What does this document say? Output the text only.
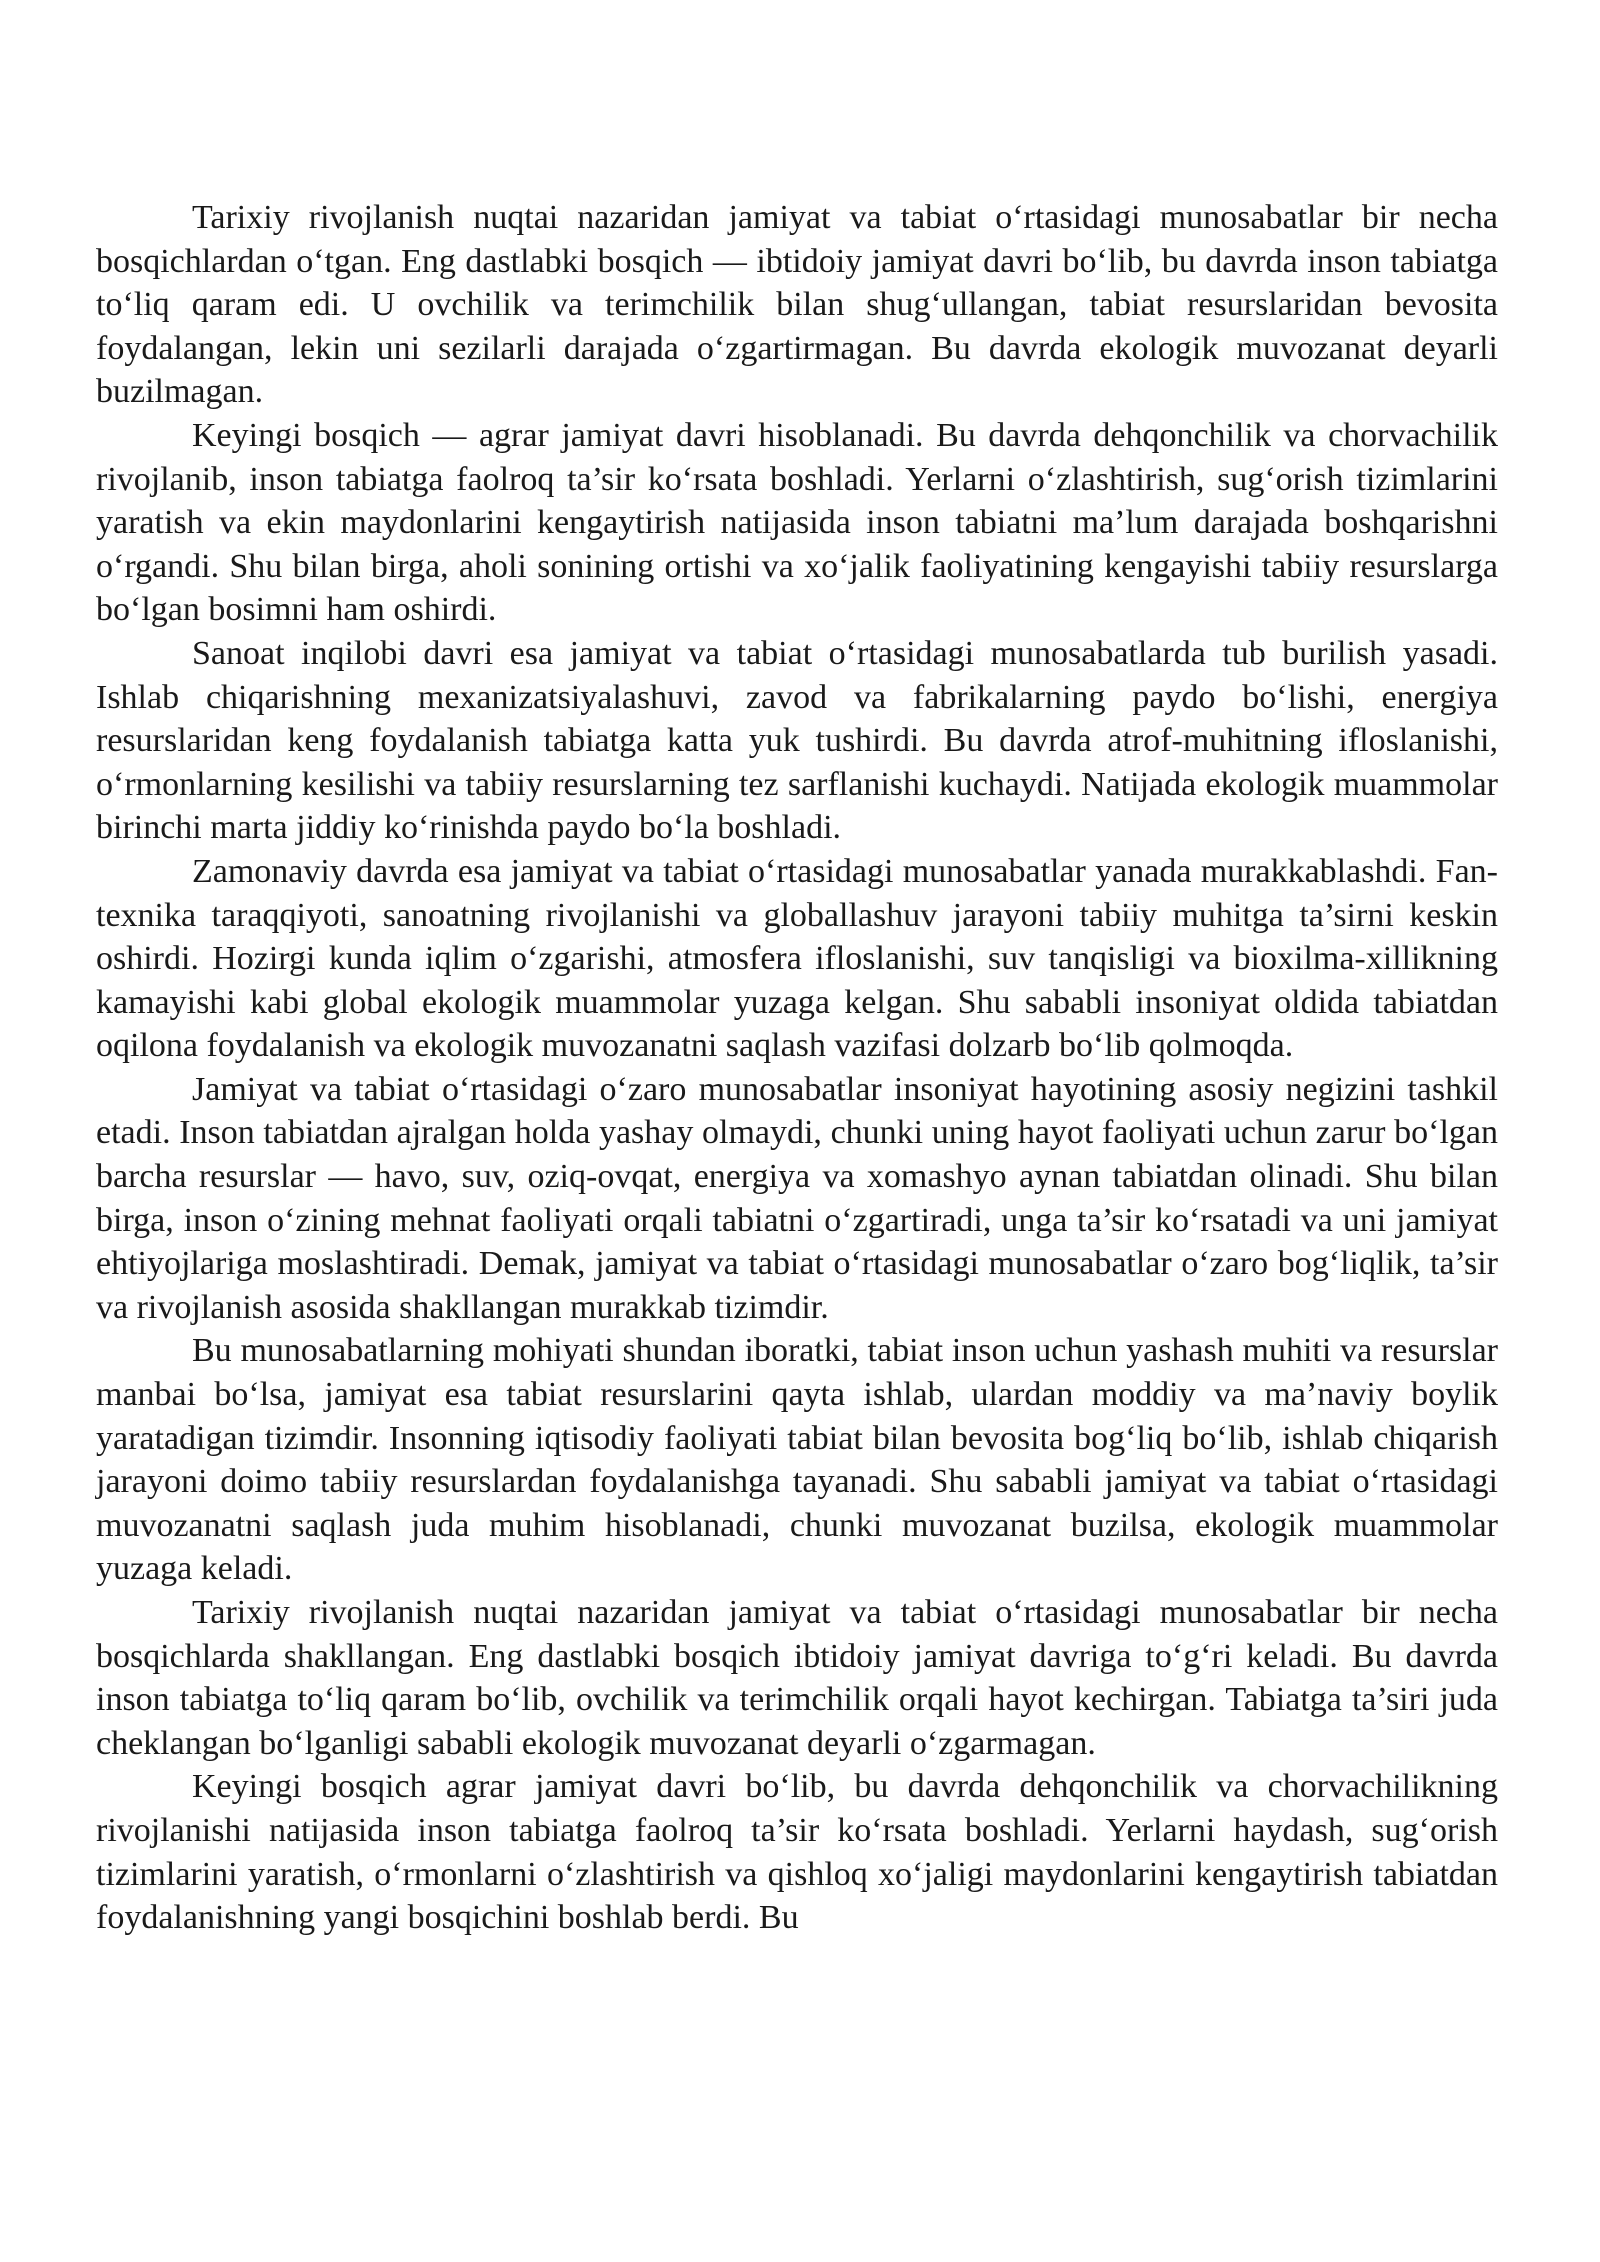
Tarixiy rivojlanish nuqtai nazaridan jamiyat va tabiat o‘rtasidagi munosabatlar bir necha bosqichlardan o‘tgan. Eng dastlabki bosqich — ibtidoiy jamiyat davri bo‘lib, bu davrda inson tabiatga to‘liq qaram edi. U ovchilik va terimchilik bilan shug‘ullangan, tabiat resurslaridan bevosita foydalangan, lekin uni sezilarli darajada o‘zgartirmagan. Bu davrda ekologik muvozanat deyarli buzilmagan.

Keyingi bosqich — agrar jamiyat davri hisoblanadi. Bu davrda dehqonchilik va chorvachilik rivojlanib, inson tabiatga faolroq ta’sir ko‘rsata boshladi. Yerlarni o‘zlashtirish, sug‘orish tizimlarini yaratish va ekin maydonlarini kengaytirish natijasida inson tabiatni ma’lum darajada boshqarishni o‘rgandi. Shu bilan birga, aholi sonining ortishi va xo‘jalik faoliyatining kengayishi tabiiy resurslarga bo‘lgan bosimni ham oshirdi.

Sanoat inqilobi davri esa jamiyat va tabiat o‘rtasidagi munosabatlarda tub burilish yasadi. Ishlab chiqarishning mexanizatsiyalashuvi, zavod va fabrikalarning paydo bo‘lishi, energiya resurslaridan keng foydalanish tabiatga katta yuk tushirdi. Bu davrda atrof-muhitning ifloslanishi, o‘rmonlarning kesilishi va tabiiy resurslarning tez sarflanishi kuchaydi. Natijada ekologik muammolar birinchi marta jiddiy ko‘rinishda paydo bo‘la boshladi.

Zamonaviy davrda esa jamiyat va tabiat o‘rtasidagi munosabatlar yanada murakkablashdi. Fan-texnika taraqqiyoti, sanoatning rivojlanishi va globallashuv jarayoni tabiiy muhitga ta’sirni keskin oshirdi. Hozirgi kunda iqlim o‘zgarishi, atmosfera ifloslanishi, suv tanqisligi va bioxilma-xillikning kamayishi kabi global ekologik muammolar yuzaga kelgan. Shu sababli insoniyat oldida tabiatdan oqilona foydalanish va ekologik muvozanatni saqlash vazifasi dolzarb bo‘lib qolmoqda.

Jamiyat va tabiat o‘rtasidagi o‘zaro munosabatlar insoniyat hayotining asosiy negizini tashkil etadi. Inson tabiatdan ajralgan holda yashay olmaydi, chunki uning hayot faoliyati uchun zarur bo‘lgan barcha resurslar — havo, suv, oziq-ovqat, energiya va xomashyo aynan tabiatdan olinadi. Shu bilan birga, inson o‘zining mehnat faoliyati orqali tabiatni o‘zgartiradi, unga ta’sir ko‘rsatadi va uni jamiyat ehtiyojlariga moslashtiradi. Demak, jamiyat va tabiat o‘rtasidagi munosabatlar o‘zaro bog‘liqlik, ta’sir va rivojlanish asosida shakllangan murakkab tizimdir.

Bu munosabatlarning mohiyati shundan iboratki, tabiat inson uchun yashash muhiti va resurslar manbai bo‘lsa, jamiyat esa tabiat resurslarini qayta ishlab, ulardan moddiy va ma’naviy boylik yaratadigan tizimdir. Insonning iqtisodiy faoliyati tabiat bilan bevosita bog‘liq bo‘lib, ishlab chiqarish jarayoni doimo tabiiy resurslardan foydalanishga tayanadi. Shu sababli jamiyat va tabiat o‘rtasidagi muvozanatni saqlash juda muhim hisoblanadi, chunki muvozanat buzilsa, ekologik muammolar yuzaga keladi.

Tarixiy rivojlanish nuqtai nazaridan jamiyat va tabiat o‘rtasidagi munosabatlar bir necha bosqichlarda shakllangan. Eng dastlabki bosqich ibtidoiy jamiyat davriga to‘g‘ri keladi. Bu davrda inson tabiatga to‘liq qaram bo‘lib, ovchilik va terimchilik orqali hayot kechirgan. Tabiatga ta’siri juda cheklangan bo‘lganligi sababli ekologik muvozanat deyarli o‘zgarmagan.

Keyingi bosqich agrar jamiyat davri bo‘lib, bu davrda dehqonchilik va chorvachilikning rivojlanishi natijasida inson tabiatga faolroq ta’sir ko‘rsata boshladi. Yerlarni haydash, sug‘orish tizimlarini yaratish, o‘rmonlarni o‘zlashtirish va qishloq xo‘jaligi maydonlarini kengaytirish tabiatdan foydalanishning yangi bosqichini boshlab berdi. Bu
